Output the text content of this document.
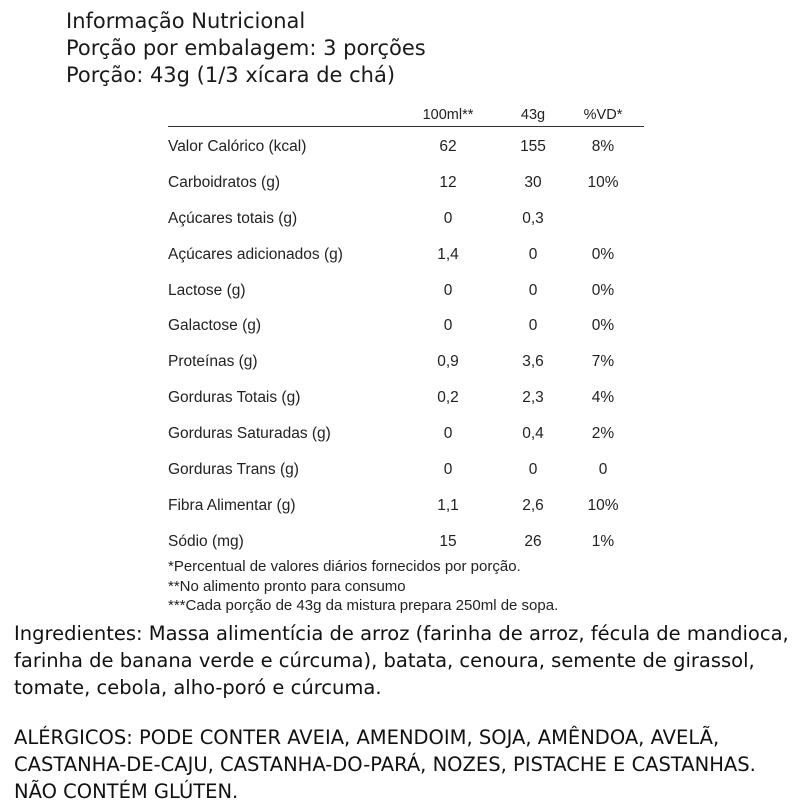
Informação Nutricional
Porção por embalagem: 3 porções
Porção: 43g (1/3 xícara de chá)
100ml**	43g	%VD*
Valor Calórico (kcal)	62	155	8%
Carboidratos (g)	12	30	10%
Açúcares totais (g)	0	0,3
Açúcares adicionados (g)	1,4	0	0%
Lactose (g)	0	0	0%
Galactose (g)	0	0	0%
Proteínas (g)	0,9	3,6	7%
Gorduras Totais (g)	0,2	2,3	4%
Gorduras Saturadas (g)	0	0,4	2%
Gorduras Trans (g)	0	0	0
Fibra Alimentar (g)	1,1	2,6	10%
Sódio (mg)	15	26	1%
*Percentual de valores diários fornecidos por porção.
**No alimento pronto para consumo
***Cada porção de 43g da mistura prepara 250ml de sopa.
Ingredientes: Massa alimentícia de arroz (farinha de arroz, fécula de mandioca, farinha de banana verde e cúrcuma), batata, cenoura, semente de girassol, tomate, cebola, alho-poró e cúrcuma.
ALÉRGICOS: PODE CONTER AVEIA, AMENDOIM, SOJA, AMÊNDOA, AVELÃ, CASTANHA-DE-CAJU, CASTANHA-DO-PARÁ, NOZES, PISTACHE E CASTANHAS. NÃO CONTÉM GLÚTEN.
